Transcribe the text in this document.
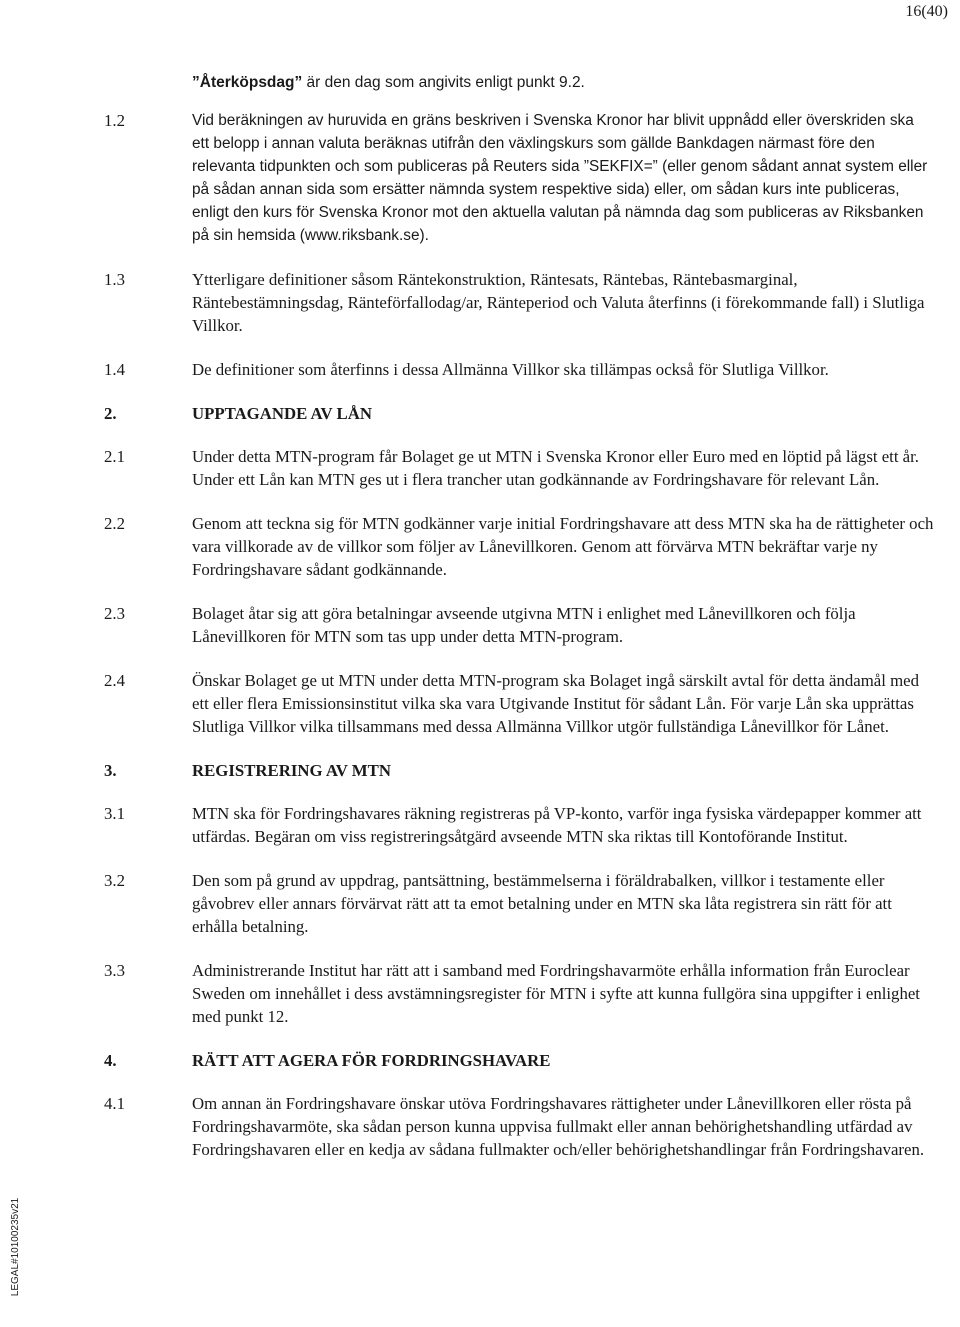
16(40)
LEGAL#10100235v21
”Återköpsdag” är den dag som angivits enligt punkt 9.2.
1.2	Vid beräkningen av huruvida en gräns beskriven i Svenska Kronor har blivit uppnådd eller överskriden ska ett belopp i annan valuta beräknas utifrån den växlingskurs som gällde Bankdagen närmast före den relevanta tidpunkten och som publiceras på Reuters sida ”SEKFIX=” (eller genom sådant annat system eller på sådan annan sida som ersätter nämnda system respektive sida) eller, om sådan kurs inte publiceras, enligt den kurs för Svenska Kronor mot den aktuella valutan på nämnda dag som publiceras av Riksbanken på sin hemsida (www.riksbank.se).
1.3	Ytterligare definitioner såsom Räntekonstruktion, Räntesats, Räntebas, Räntebasmarginal, Räntebestämningsdag, Ränteförfallodag/ar, Ränteperiod och Valuta återfinns (i förekommande fall) i Slutliga Villkor.
1.4	De definitioner som återfinns i dessa Allmänna Villkor ska tillämpas också för Slutliga Villkor.
2.	UPPTAGANDE AV LÅN
2.1	Under detta MTN-program får Bolaget ge ut MTN i Svenska Kronor eller Euro med en löptid på lägst ett år. Under ett Lån kan MTN ges ut i flera trancher utan godkännande av Fordringshavare för relevant Lån.
2.2	Genom att teckna sig för MTN godkänner varje initial Fordringshavare att dess MTN ska ha de rättigheter och vara villkorade av de villkor som följer av Lånevillkoren. Genom att förvärva MTN bekräftar varje ny Fordringshavare sådant godkännande.
2.3	Bolaget åtar sig att göra betalningar avseende utgivna MTN i enlighet med Lånevillkoren och följa Lånevillkoren för MTN som tas upp under detta MTN-program.
2.4	Önskar Bolaget ge ut MTN under detta MTN-program ska Bolaget ingå särskilt avtal för detta ändamål med ett eller flera Emissionsinstitut vilka ska vara Utgivande Institut för sådant Lån. För varje Lån ska upprättas Slutliga Villkor vilka tillsammans med dessa Allmänna Villkor utgör fullständiga Lånevillkor för Lånet.
3.	REGISTRERING AV MTN
3.1	MTN ska för Fordringshavares räkning registreras på VP-konto, varför inga fysiska värdepapper kommer att utfärdas. Begäran om viss registreringsåtgärd avseende MTN ska riktas till Kontoförande Institut.
3.2	Den som på grund av uppdrag, pantsättning, bestämmelserna i föräldrabalken, villkor i testamente eller gåvobrev eller annars förvärvat rätt att ta emot betalning under en MTN ska låta registrera sin rätt för att erhålla betalning.
3.3	Administrerande Institut har rätt att i samband med Fordringshavarmöte erhålla information från Euroclear Sweden om innehållet i dess avstämningsregister för MTN i syfte att kunna fullgöra sina uppgifter i enlighet med punkt 12.
4.	RÄTT ATT AGERA FÖR FORDRINGSHAVARE
4.1	Om annan än Fordringshavare önskar utöva Fordringshavares rättigheter under Lånevillkoren eller rösta på Fordringshavarmöte, ska sådan person kunna uppvisa fullmakt eller annan behörighetshandling utfärdad av Fordringshavaren eller en kedja av sådana fullmakter och/eller behörighetshandlingar från Fordringshavaren.
